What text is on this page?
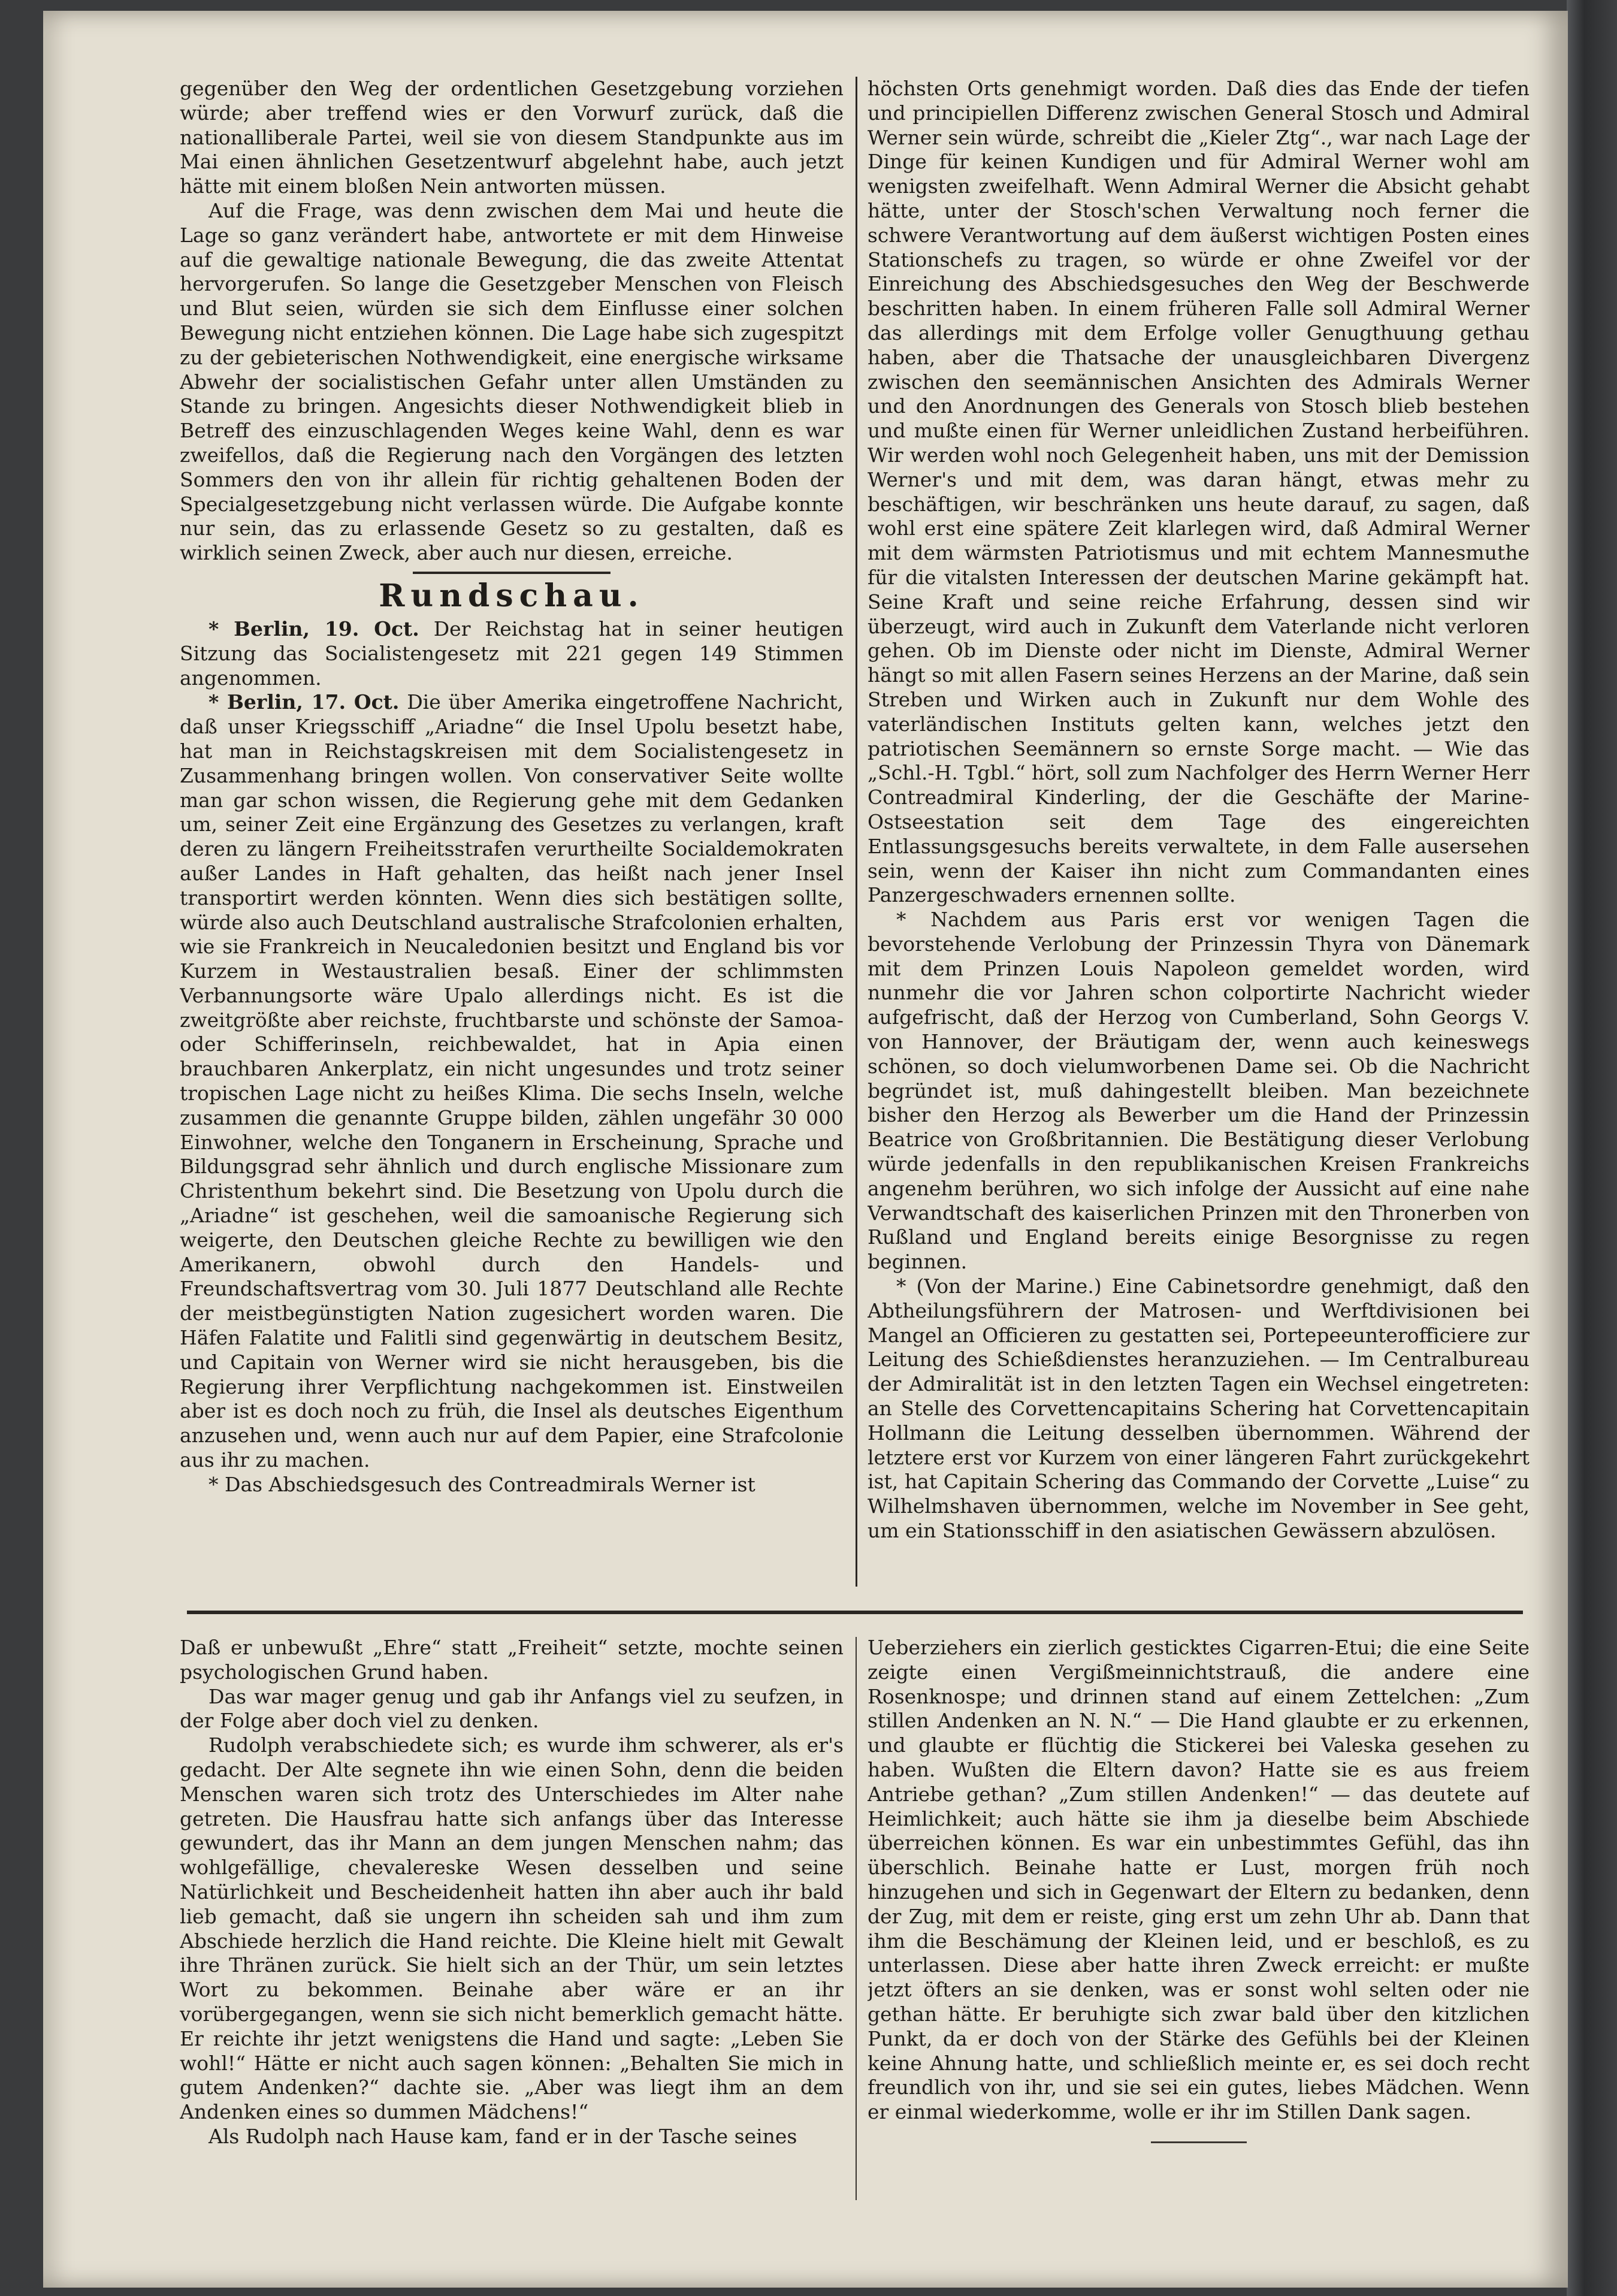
gegenüber den Weg der ordentlichen Gesetzgebung vorziehen würde; aber treffend wies er den Vorwurf zurück, daß die nationalliberale Partei, weil sie von diesem Standpunkte aus im Mai einen ähnlichen Gesetzentwurf abgelehnt habe, auch jetzt hätte mit einem bloßen Nein antworten müssen.

Auf die Frage, was denn zwischen dem Mai und heute die Lage so ganz verändert habe, antwortete er mit dem Hinweise auf die gewaltige nationale Bewegung, die das zweite Attentat hervorgerufen. So lange die Gesetzgeber Menschen von Fleisch und Blut seien, würden sie sich dem Einflusse einer solchen Bewegung nicht entziehen können. Die Lage habe sich zugespitzt zu der gebieterischen Nothwendigkeit, eine energische wirksame Abwehr der socialistischen Gefahr unter allen Umständen zu Stande zu bringen. Angesichts dieser Nothwendigkeit blieb in Betreff des einzuschlagenden Weges keine Wahl, denn es war zweifellos, daß die Regierung nach den Vorgängen des letzten Sommers den von ihr allein für richtig gehaltenen Boden der Specialgesetzgebung nicht verlassen würde. Die Aufgabe konnte nur sein, das zu erlassende Gesetz so zu gestalten, daß es wirklich seinen Zweck, aber auch nur diesen, erreiche.

Rundschau.

* Berlin, 19. Oct. Der Reichstag hat in seiner heutigen Sitzung das Socialistengesetz mit 221 gegen 149 Stimmen angenommen.

* Berlin, 17. Oct. Die über Amerika eingetroffene Nachricht, daß unser Kriegsschiff „Ariadne“ die Insel Upolu besetzt habe, hat man in Reichstagskreisen mit dem Socialistengesetz in Zusammenhang bringen wollen. Von conservativer Seite wollte man gar schon wissen, die Regierung gehe mit dem Gedanken um, seiner Zeit eine Ergänzung des Gesetzes zu verlangen, kraft deren zu längern Freiheitsstrafen verurtheilte Socialdemokraten außer Landes in Haft gehalten, das heißt nach jener Insel transportirt werden könnten. Wenn dies sich bestätigen sollte, würde also auch Deutschland australische Strafcolonien erhalten, wie sie Frankreich in Neucaledonien besitzt und England bis vor Kurzem in Westaustralien besaß. Einer der schlimmsten Verbannungsorte wäre Upalo allerdings nicht. Es ist die zweitgrößte aber reichste, fruchtbarste und schönste der Samoa- oder Schifferinseln, reichbewaldet, hat in Apia einen brauchbaren Ankerplatz, ein nicht ungesundes und trotz seiner tropischen Lage nicht zu heißes Klima. Die sechs Inseln, welche zusammen die genannte Gruppe bilden, zählen ungefähr 30 000 Einwohner, welche den Tonganern in Erscheinung, Sprache und Bildungsgrad sehr ähnlich und durch englische Missionare zum Christenthum bekehrt sind. Die Besetzung von Upolu durch die „Ariadne“ ist geschehen, weil die samoanische Regierung sich weigerte, den Deutschen gleiche Rechte zu bewilligen wie den Amerikanern, obwohl durch den Handels- und Freundschaftsvertrag vom 30. Juli 1877 Deutschland alle Rechte der meistbegünstigten Nation zugesichert worden waren. Die Häfen Falatite und Falitli sind gegenwärtig in deutschem Besitz, und Capitain von Werner wird sie nicht herausgeben, bis die Regierung ihrer Verpflichtung nachgekommen ist. Einstweilen aber ist es doch noch zu früh, die Insel als deutsches Eigenthum anzusehen und, wenn auch nur auf dem Papier, eine Strafcolonie aus ihr zu machen.

* Das Abschiedsgesuch des Contreadmirals Werner ist

höchsten Orts genehmigt worden. Daß dies das Ende der tiefen und principiellen Differenz zwischen General Stosch und Admiral Werner sein würde, schreibt die „Kieler Ztg“., war nach Lage der Dinge für keinen Kundigen und für Admiral Werner wohl am wenigsten zweifelhaft. Wenn Admiral Werner die Absicht gehabt hätte, unter der Stosch'schen Verwaltung noch ferner die schwere Verantwortung auf dem äußerst wichtigen Posten eines Stationschefs zu tragen, so würde er ohne Zweifel vor der Einreichung des Abschiedsgesuches den Weg der Beschwerde beschritten haben. In einem früheren Falle soll Admiral Werner das allerdings mit dem Erfolge voller Genugthuung gethau haben, aber die Thatsache der unausgleichbaren Divergenz zwischen den seemännischen Ansichten des Admirals Werner und den Anordnungen des Generals von Stosch blieb bestehen und mußte einen für Werner unleidlichen Zustand herbeiführen. Wir werden wohl noch Gelegenheit haben, uns mit der Demission Werner's und mit dem, was daran hängt, etwas mehr zu beschäftigen, wir beschränken uns heute darauf, zu sagen, daß wohl erst eine spätere Zeit klarlegen wird, daß Admiral Werner mit dem wärmsten Patriotismus und mit echtem Mannesmuthe für die vitalsten Interessen der deutschen Marine gekämpft hat. Seine Kraft und seine reiche Erfahrung, dessen sind wir überzeugt, wird auch in Zukunft dem Vaterlande nicht verloren gehen. Ob im Dienste oder nicht im Dienste, Admiral Werner hängt so mit allen Fasern seines Herzens an der Marine, daß sein Streben und Wirken auch in Zukunft nur dem Wohle des vaterländischen Instituts gelten kann, welches jetzt den patriotischen Seemännern so ernste Sorge macht. — Wie das „Schl.-H. Tgbl.“ hört, soll zum Nachfolger des Herrn Werner Herr Contreadmiral Kinderling, der die Geschäfte der Marine-Ostseestation seit dem Tage des eingereichten Entlassungsgesuchs bereits verwaltete, in dem Falle ausersehen sein, wenn der Kaiser ihn nicht zum Commandanten eines Panzergeschwaders ernennen sollte.

* Nachdem aus Paris erst vor wenigen Tagen die bevorstehende Verlobung der Prinzessin Thyra von Dänemark mit dem Prinzen Louis Napoleon gemeldet worden, wird nunmehr die vor Jahren schon colportirte Nachricht wieder aufgefrischt, daß der Herzog von Cumberland, Sohn Georgs V. von Hannover, der Bräutigam der, wenn auch keineswegs schönen, so doch vielumworbenen Dame sei. Ob die Nachricht begründet ist, muß dahingestellt bleiben. Man bezeichnete bisher den Herzog als Bewerber um die Hand der Prinzessin Beatrice von Großbritannien. Die Bestätigung dieser Verlobung würde jedenfalls in den republikanischen Kreisen Frankreichs angenehm berühren, wo sich infolge der Aussicht auf eine nahe Verwandtschaft des kaiserlichen Prinzen mit den Thronerben von Rußland und England bereits einige Besorgnisse zu regen beginnen.

* (Von der Marine.) Eine Cabinetsordre genehmigt, daß den Abtheilungsführern der Matrosen- und Werftdivisionen bei Mangel an Officieren zu gestatten sei, Portepeeunterofficiere zur Leitung des Schießdienstes heranzuziehen. — Im Centralbureau der Admiralität ist in den letzten Tagen ein Wechsel eingetreten: an Stelle des Corvettencapitains Schering hat Corvettencapitain Hollmann die Leitung desselben übernommen. Während der letztere erst vor Kurzem von einer längeren Fahrt zurückgekehrt ist, hat Capitain Schering das Commando der Corvette „Luise“ zu Wilhelmshaven übernommen, welche im November in See geht, um ein Stationsschiff in den asiatischen Gewässern abzulösen.

Daß er unbewußt „Ehre“ statt „Freiheit“ setzte, mochte seinen psychologischen Grund haben.

Das war mager genug und gab ihr Anfangs viel zu seufzen, in der Folge aber doch viel zu denken.

Rudolph verabschiedete sich; es wurde ihm schwerer, als er's gedacht. Der Alte segnete ihn wie einen Sohn, denn die beiden Menschen waren sich trotz des Unterschiedes im Alter nahe getreten. Die Hausfrau hatte sich anfangs über das Interesse gewundert, das ihr Mann an dem jungen Menschen nahm; das wohlgefällige, chevalereske Wesen desselben und seine Natürlichkeit und Bescheidenheit hatten ihn aber auch ihr bald lieb gemacht, daß sie ungern ihn scheiden sah und ihm zum Abschiede herzlich die Hand reichte. Die Kleine hielt mit Gewalt ihre Thränen zurück. Sie hielt sich an der Thür, um sein letztes Wort zu bekommen. Beinahe aber wäre er an ihr vorübergegangen, wenn sie sich nicht bemerklich gemacht hätte. Er reichte ihr jetzt wenigstens die Hand und sagte: „Leben Sie wohl!“ Hätte er nicht auch sagen können: „Behalten Sie mich in gutem Andenken?“ dachte sie. „Aber was liegt ihm an dem Andenken eines so dummen Mädchens!“

Als Rudolph nach Hause kam, fand er in der Tasche seines

Ueberziehers ein zierlich gesticktes Cigarren-Etui; die eine Seite zeigte einen Vergißmeinnichtstrauß, die andere eine Rosenknospe; und drinnen stand auf einem Zettelchen: „Zum stillen Andenken an N. N.“ — Die Hand glaubte er zu erkennen, und glaubte er flüchtig die Stickerei bei Valeska gesehen zu haben. Wußten die Eltern davon? Hatte sie es aus freiem Antriebe gethan? „Zum stillen Andenken!“ — das deutete auf Heimlichkeit; auch hätte sie ihm ja dieselbe beim Abschiede überreichen können. Es war ein unbestimmtes Gefühl, das ihn überschlich. Beinahe hatte er Lust, morgen früh noch hinzugehen und sich in Gegenwart der Eltern zu bedanken, denn der Zug, mit dem er reiste, ging erst um zehn Uhr ab. Dann that ihm die Beschämung der Kleinen leid, und er beschloß, es zu unterlassen. Diese aber hatte ihren Zweck erreicht: er mußte jetzt öfters an sie denken, was er sonst wohl selten oder nie gethan hätte. Er beruhigte sich zwar bald über den kitzlichen Punkt, da er doch von der Stärke des Gefühls bei der Kleinen keine Ahnung hatte, und schließlich meinte er, es sei doch recht freundlich von ihr, und sie sei ein gutes, liebes Mädchen. Wenn er einmal wiederkomme, wolle er ihr im Stillen Dank sagen.
